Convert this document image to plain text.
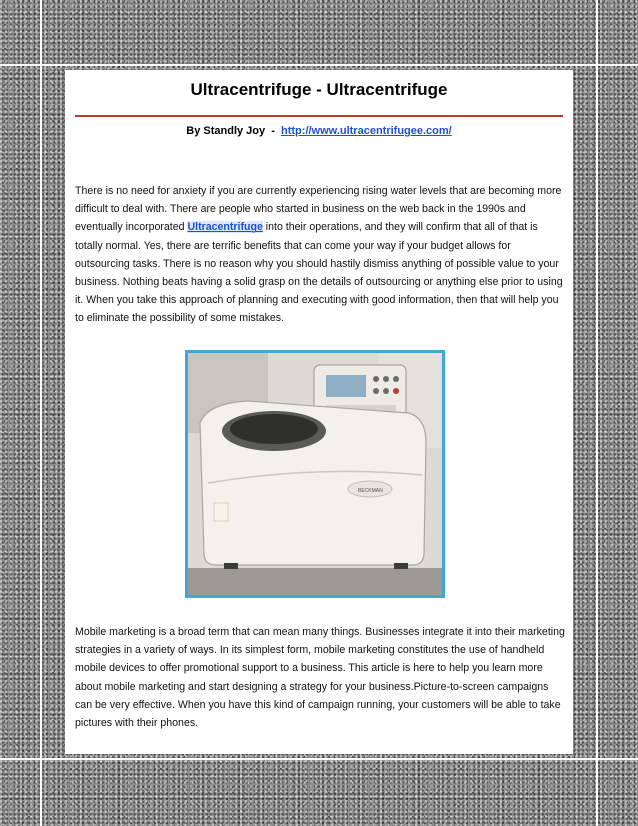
Ultracentrifuge - Ultracentrifuge
By Standly Joy  -  http://www.ultracentrifugee.com/
There is no need for anxiety if you are currently experiencing rising water levels that are becoming more difficult to deal with. There are people who started in business on the web back in the 1990s and eventually incorporated Ultracentrifuge into their operations, and they will confirm that all of that is totally normal. Yes, there are terrific benefits that can come your way if your budget allows for outsourcing tasks. There is no reason why you should hastily dismiss anything of possible value to your business. Nothing beats having a solid grasp on the details of outsourcing or anything else prior to using it. When you take this approach of planning and executing with good information, then that will help you to eliminate the possibility of some mistakes.
BECKMAN
Mobile marketing is a broad term that can mean many things. Businesses integrate it into their marketing strategies in a variety of ways. In its simplest form, mobile marketing constitutes the use of handheld mobile devices to offer promotional support to a business. This article is here to help you learn more about mobile marketing and start designing a strategy for your business.Picture-to-screen campaigns can be very effective. When you have this kind of campaign running, your customers will be able to take pictures with their phones.
